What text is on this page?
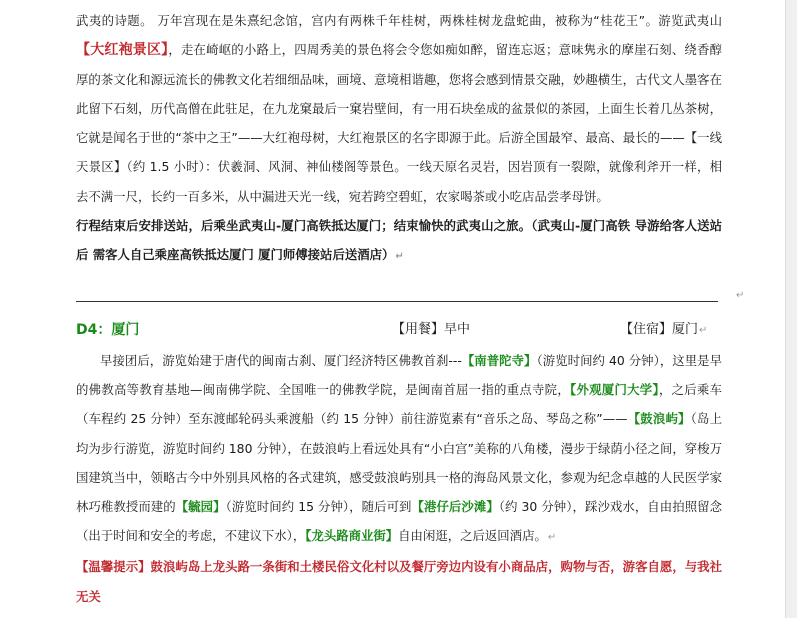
武夷的诗题。 万年宫现在是朱熹纪念馆，宫内有两株千年桂树，两株桂树龙盘蛇曲，被称为“桂花王”。游览武夷山【大红袍景区】，走在崎岖的小路上，四周秀美的景色将会令您如痴如醉，留连忘返；意味隽永的摩崖石刻、绕香醇厚的茶文化和源远流长的佛教文化若细细品味，画境、意境相谐趣，您将会感到情景交融，妙趣横生，古代文人墨客在此留下石刻，历代高僧在此驻足，在九龙窠最后一窠岩壁间，有一用石块垒成的盆景似的茶园，上面生长着几丛茶树，它就是闻名于世的“茶中之王”——大红袍母树，大红袍景区的名字即源于此。后游全国最窄、最高、最长的——【一线天景区】（约 1.5 小时）：伏羲洞、风洞、神仙楼阁等景色。一线天原名灵岩，因岩顶有一裂隙，就像利斧开一样，相去不满一尺，长约一百多米，从中漏进天光一线，宛若跨空碧虹，农家喝茶或小吃店品尝孝母饼。

行程结束后安排送站，后乘坐武夷山-厦门高铁抵达厦门；结束愉快的武夷山之旅。（武夷山-厦门高铁 导游给客人送站后 需客人自己乘座高铁抵达厦门 厦门师傅接站后送酒店）↵

↵
D4：厦门	【用餐】早中	【住宿】厦门↵

早接团后，游览始建于唐代的闽南古刹、厦门经济特区佛教首刹---【南普陀寺】（游览时间约 40 分钟），这里是早的佛教高等教育基地—闽南佛学院、全国唯一的佛教学院，是闽南首屈一指的重点寺院，【外观厦门大学】，之后乘车（车程约 25 分钟）至东渡邮轮码头乘渡船（约 15 分钟）前往游览素有“音乐之岛、琴岛之称”——【鼓浪屿】（岛上均为步行游览，游览时间约 180 分钟），在鼓浪屿上看远处具有“小白宫”美称的八角楼，漫步于绿荫小径之间，穿梭万国建筑当中，领略古今中外别具风格的各式建筑，感受鼓浪屿别具一格的海岛风景文化，参观为纪念卓越的人民医学家林巧稚教授而建的【毓园】（游览时间约 15 分钟），随后可到【港仔后沙滩】（约 30 分钟），踩沙戏水，自由拍照留念（出于时间和安全的考虑，不建议下水），【龙头路商业街】自由闲逛，之后返回酒店。↵

【温馨提示】鼓浪屿岛上龙头路一条街和土楼民俗文化村以及餐厅旁边内设有小商品店，购物与否，游客自愿，与我社无关
